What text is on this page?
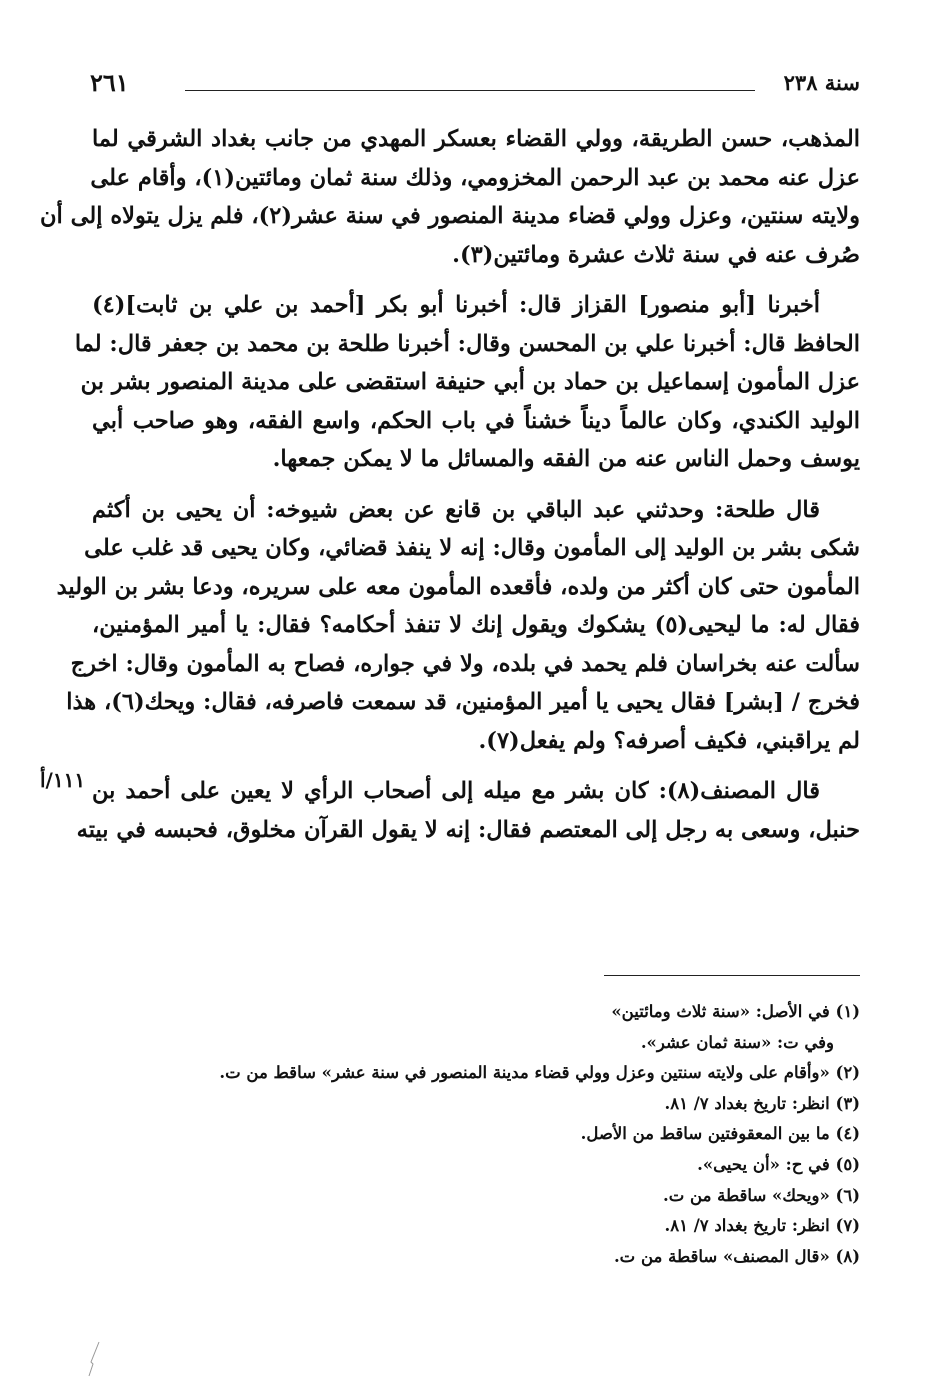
سنة ٢٣٨
٢٦١
المذهب، حسن الطريقة، وولي القضاء بعسكر المهدي من جانب بغداد الشرقي لما
عزل عنه محمد بن عبد الرحمن المخزومي، وذلك سنة ثمان ومائتين(١)، وأقام على
ولايته سنتين، وعزل وولي قضاء مدينة المنصور في سنة عشر(٢)، فلم يزل يتولاه إلى أن
صُرف عنه في سنة ثلاث عشرة ومائتين(٣).
أخبرنا [أبو منصور] القزاز قال: أخبرنا أبو بكر [أحمد بن علي بن ثابت](٤)
الحافظ قال: أخبرنا علي بن المحسن وقال: أخبرنا طلحة بن محمد بن جعفر قال: لما
عزل المأمون إسماعيل بن حماد بن أبي حنيفة استقضى على مدينة المنصور بشر بن
الوليد الكندي، وكان عالماً ديناً خشناً في باب الحكم، واسع الفقه، وهو صاحب أبي
يوسف وحمل الناس عنه من الفقه والمسائل ما لا يمكن جمعها.
قال طلحة: وحدثني عبد الباقي بن قانع عن بعض شيوخه: أن يحيى بن أكثم
شكى بشر بن الوليد إلى المأمون وقال: إنه لا ينفذ قضائي، وكان يحيى قد غلب على
المأمون حتى كان أكثر من ولده، فأقعده المأمون معه على سريره، ودعا بشر بن الوليد
فقال له: ما ليحيى(٥) يشكوك ويقول إنك لا تنفذ أحكامه؟ فقال: يا أمير المؤمنين،
سألت عنه بخراسان فلم يحمد في بلده، ولا في جواره، فصاح به المأمون وقال: اخرج
فخرج / [بشر] فقال يحيى يا أمير المؤمنين، قد سمعت فاصرفه، فقال: ويحك(٦)، هذا
لم يراقبني، فكيف أصرفه؟ ولم يفعل(٧).
قال المصنف(٨): كان بشر مع ميله إلى أصحاب الرأي لا يعين على أحمد بن
حنبل، وسعى به رجل إلى المعتصم فقال: إنه لا يقول القرآن مخلوق، فحبسه في بيته
١١١/أ
(١) في الأصل: «سنة ثلاث ومائتين»
وفي ت: «سنة ثمان عشر».
(٢) «وأقام على ولايته سنتين وعزل وولي قضاء مدينة المنصور في سنة عشر» ساقط من ت.
(٣) انظر: تاريخ بغداد ٧/ ٨١.
(٤) ما بين المعقوفتين ساقط من الأصل.
(٥) في ح: «أن يحيى».
(٦) «ويحك» ساقطة من ت.
(٧) انظر: تاريخ بغداد ٧/ ٨١.
(٨) «قال المصنف» ساقطة من ت.
